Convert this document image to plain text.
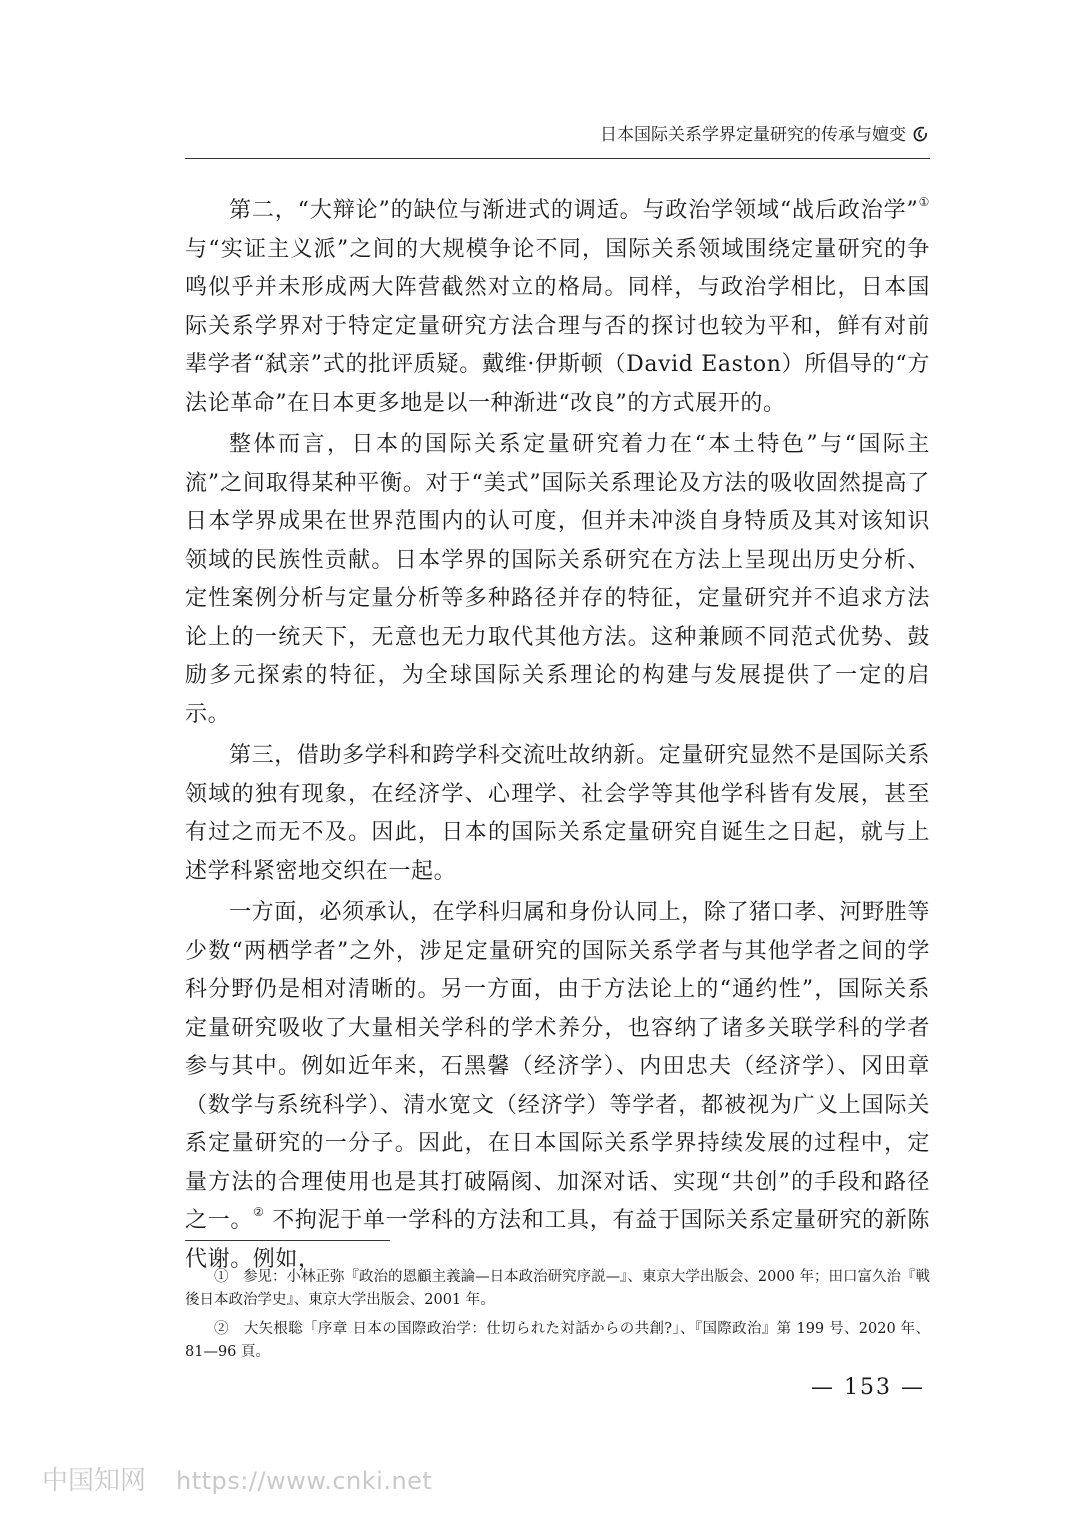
日本国际关系学界定量研究的传承与嬗变

第二，“大辩论”的缺位与渐进式的调适。与政治学领域“战后政治学”①与“实证主义派”之间的大规模争论不同，国际关系领域围绕定量研究的争鸣似乎并未形成两大阵营截然对立的格局。同样，与政治学相比，日本国际关系学界对于特定定量研究方法合理与否的探讨也较为平和，鲜有对前辈学者“弑亲”式的批评质疑。戴维·伊斯顿（David Easton）所倡导的“方法论革命”在日本更多地是以一种渐进“改良”的方式展开的。

整体而言，日本的国际关系定量研究着力在“本土特色”与“国际主流”之间取得某种平衡。对于“美式”国际关系理论及方法的吸收固然提高了日本学界成果在世界范围内的认可度，但并未冲淡自身特质及其对该知识领域的民族性贡献。日本学界的国际关系研究在方法上呈现出历史分析、定性案例分析与定量分析等多种路径并存的特征，定量研究并不追求方法论上的一统天下，无意也无力取代其他方法。这种兼顾不同范式优势、鼓励多元探索的特征，为全球国际关系理论的构建与发展提供了一定的启示。

第三，借助多学科和跨学科交流吐故纳新。定量研究显然不是国际关系领域的独有现象，在经济学、心理学、社会学等其他学科皆有发展，甚至有过之而无不及。因此，日本的国际关系定量研究自诞生之日起，就与上述学科紧密地交织在一起。

一方面，必须承认，在学科归属和身份认同上，除了猪口孝、河野胜等少数“两栖学者”之外，涉足定量研究的国际关系学者与其他学者之间的学科分野仍是相对清晰的。另一方面，由于方法论上的“通约性”，国际关系定量研究吸收了大量相关学科的学术养分，也容纳了诸多关联学科的学者参与其中。例如近年来，石黑馨（经济学）、内田忠夫（经济学）、冈田章（数学与系统科学）、清水宽文（经济学）等学者，都被视为广义上国际关系定量研究的一分子。因此，在日本国际关系学界持续发展的过程中，定量方法的合理使用也是其打破隔阂、加深对话、实现“共创”的手段和路径之一。② 不拘泥于单一学科的方法和工具，有益于国际关系定量研究的新陈代谢。例如，

①　参见：小林正弥『政治的恩顧主義論—日本政治研究序説—』、東京大学出版会、2000 年；田口富久治『戦後日本政治学史』、東京大学出版会、2001 年。

②　大矢根聡「序章 日本の国際政治学：仕切られた対話からの共創?」、『国際政治』第 199 号、2020 年、81—96 頁。

— 153 —
中国知网 https://www.cnki.net
